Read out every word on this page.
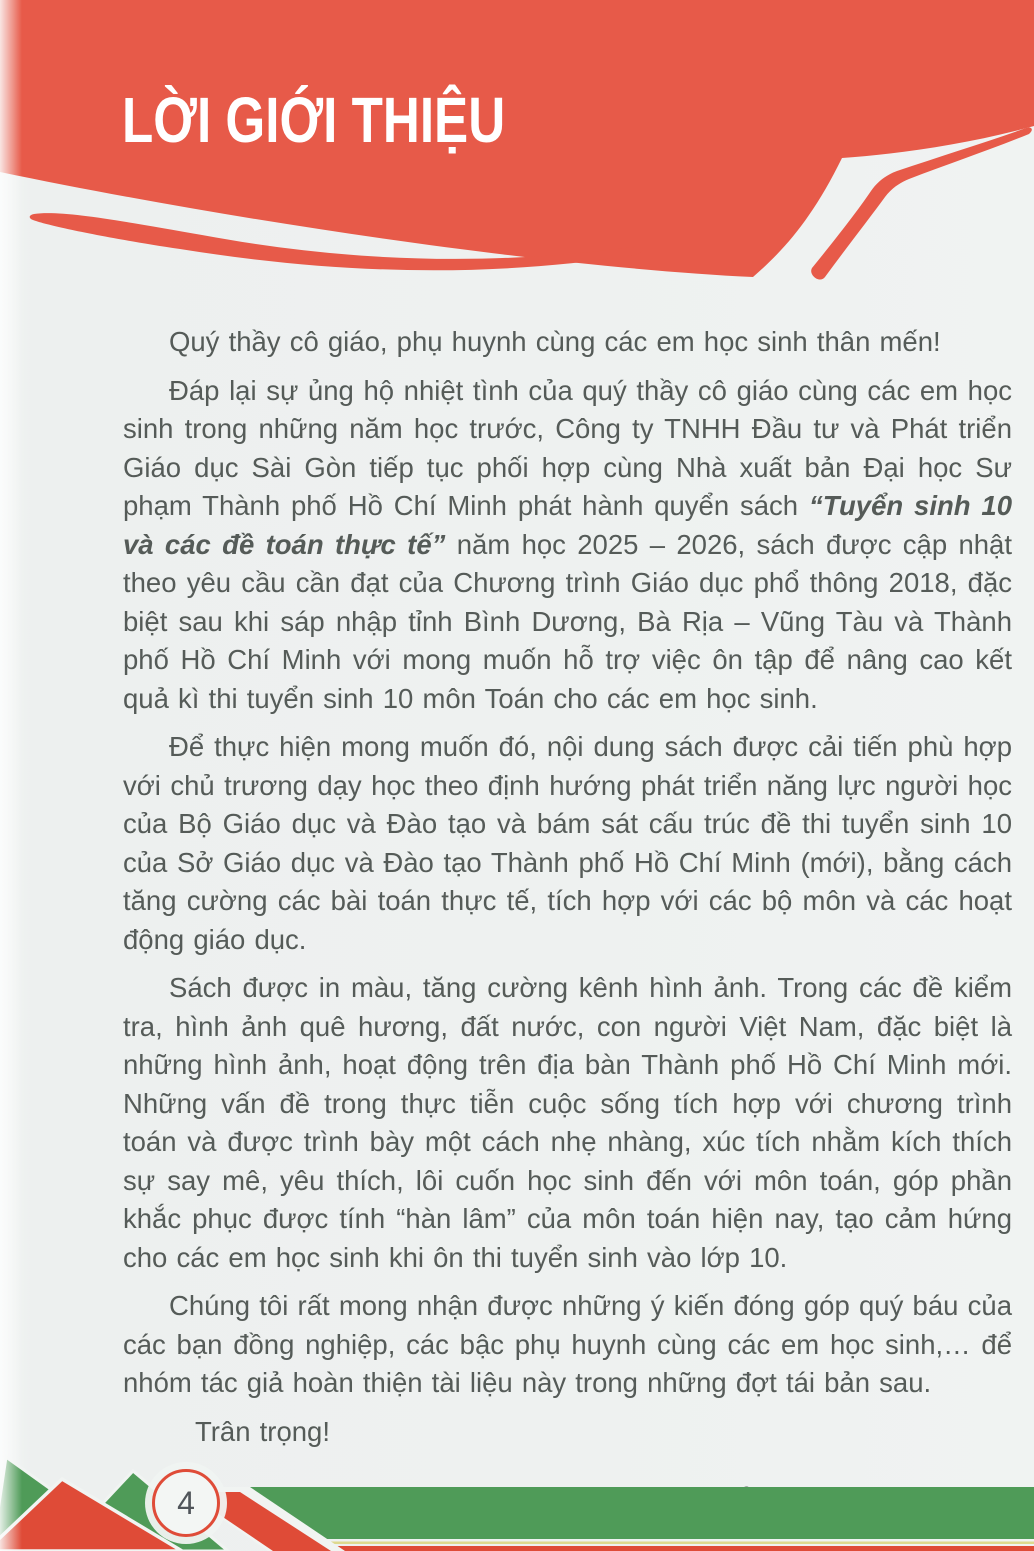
LỜI GIỚI THIỆU

Quý thầy cô giáo, phụ huynh cùng các em học sinh thân mến!

Đáp lại sự ủng hộ nhiệt tình của quý thầy cô giáo cùng các em học sinh trong những năm học trước, Công ty TNHH Đầu tư và Phát triển Giáo dục Sài Gòn tiếp tục phối hợp cùng Nhà xuất bản Đại học Sư phạm Thành phố Hồ Chí Minh phát hành quyển sách “Tuyển sinh 10 và các đề toán thực tế” năm học 2025 – 2026, sách được cập nhật theo yêu cầu cần đạt của Chương trình Giáo dục phổ thông 2018, đặc biệt sau khi sáp nhập tỉnh Bình Dương, Bà Rịa – Vũng Tàu và Thành phố Hồ Chí Minh với mong muốn hỗ trợ việc ôn tập để nâng cao kết quả kì thi tuyển sinh 10 môn Toán cho các em học sinh.

Để thực hiện mong muốn đó, nội dung sách được cải tiến phù hợp với chủ trương dạy học theo định hướng phát triển năng lực người học của Bộ Giáo dục và Đào tạo và bám sát cấu trúc đề thi tuyển sinh 10 của Sở Giáo dục và Đào tạo Thành phố Hồ Chí Minh (mới), bằng cách tăng cường các bài toán thực tế, tích hợp với các bộ môn và các hoạt động giáo dục.

Sách được in màu, tăng cường kênh hình ảnh. Trong các đề kiểm tra, hình ảnh quê hương, đất nước, con người Việt Nam, đặc biệt là những hình ảnh, hoạt động trên địa bàn Thành phố Hồ Chí Minh mới. Những vấn đề trong thực tiễn cuộc sống tích hợp với chương trình toán và được trình bày một cách nhẹ nhàng, xúc tích nhằm kích thích sự say mê, yêu thích, lôi cuốn học sinh đến với môn toán, góp phần khắc phục được tính “hàn lâm” của môn toán hiện nay, tạo cảm hứng cho các em học sinh khi ôn thi tuyển sinh vào lớp 10.

Chúng tôi rất mong nhận được những ý kiến đóng góp quý báu của các bạn đồng nghiệp, các bậc phụ huynh cùng các em học sinh,… để nhóm tác giả hoàn thiện tài liệu này trong những đợt tái bản sau.

Trân trọng!

4
